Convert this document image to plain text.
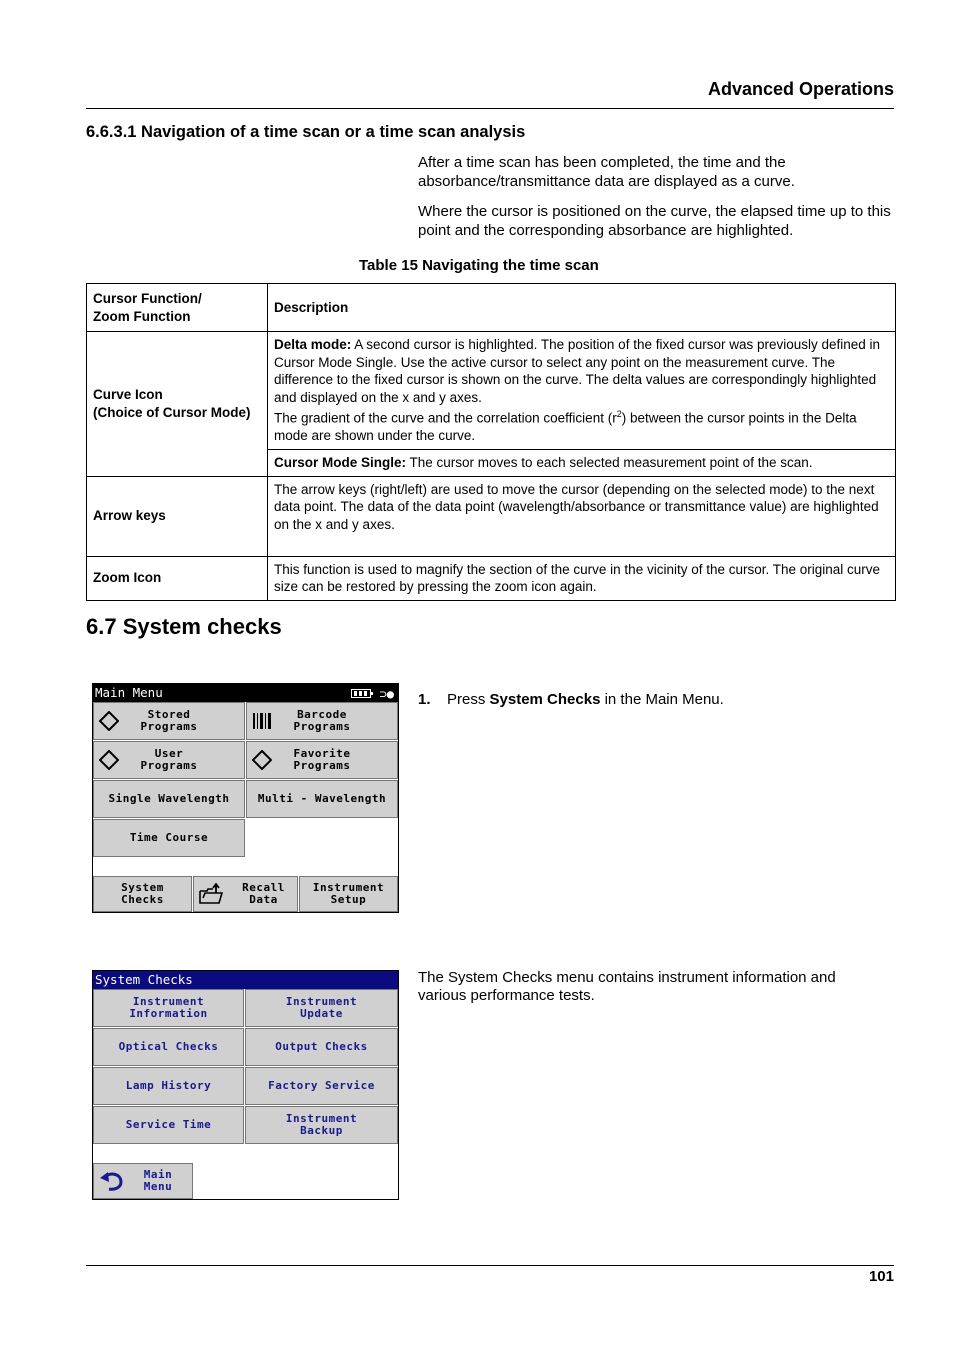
Advanced Operations
6.6.3.1 Navigation of a time scan or a time scan analysis
After a time scan has been completed, the time and the absorbance/transmittance data are displayed as a curve.
Where the cursor is positioned on the curve, the elapsed time up to this point and the corresponding absorbance are highlighted.
Table 15 Navigating the time scan
Cursor Function/
Zoom Function	Description
Curve Icon
(Choice of Cursor Mode)	Delta mode: A second cursor is highlighted. The position of the fixed cursor was previously defined in Cursor Mode Single. Use the active cursor to select any point on the measurement curve. The difference to the fixed cursor is shown on the curve. The delta values are correspondingly highlighted and displayed on the x and y axes.
The gradient of the curve and the correlation coefficient $(r^2)$ between the cursor points in the Delta mode are shown under the curve.
	Cursor Mode Single: The cursor moves to each selected measurement point of the scan.
Arrow keys	The arrow keys (right/left) are used to move the cursor (depending on the selected mode) to the next data point. The data of the data point (wavelength/absorbance or transmittance value) are highlighted on the x and y axes.
Zoom Icon	This function is used to magnify the section of the curve in the vicinity of the cursor. The original curve size can be restored by pressing the zoom icon again.
6.7 System checks
1. Press System Checks in the Main Menu.
The System Checks menu contains instrument information and various performance tests.
Main Menu	⊃●
Stored
Programs
Barcode
Programs
User
Programs
Favorite
Programs
Single Wavelength	Multi - Wavelength
Time Course
System
Checks
Recall
Data
Instrument
Setup
System Checks
Instrument
Information
Instrument
Update
Optical Checks	Output Checks
Lamp History	Factory Service
Service Time	Instrument
Backup
Main
Menu
101
